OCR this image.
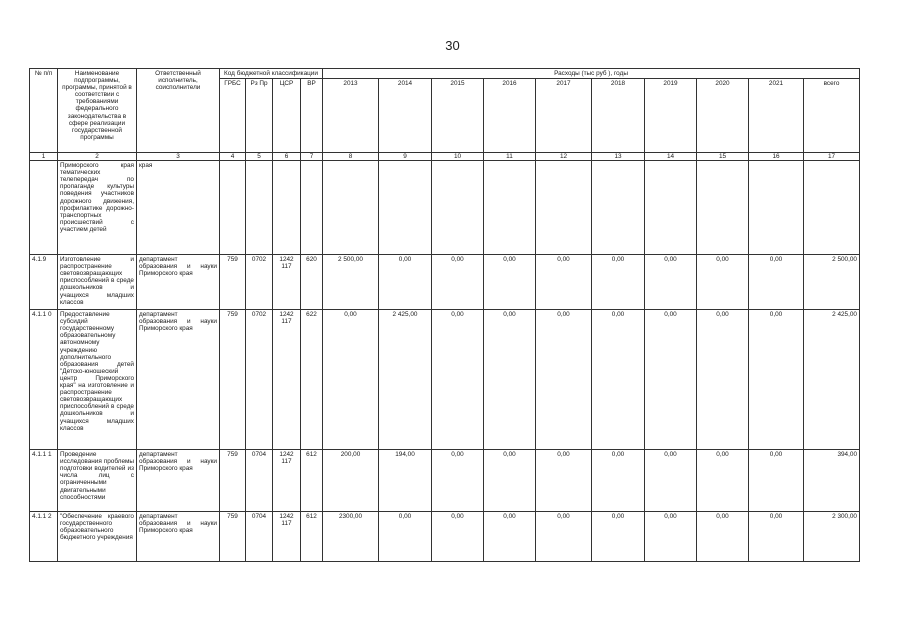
30
№ п/п	Наименование подпрограммы, программы, принятой в соответствии с требованиями федерального законодательства в сфере реализации государственной программы	Ответственный исполнитель, соисполнители	Код бюджетной классификации				Расходы (тыс руб ), годы									
			ГРБС	Рз Пр	ЦСР	ВР	2013	2014	2015	2016	2017	2018	2019	2020	2021	всего
1	2	3	4	5	6	7	8	9	10	11	12	13	14	15	16	17
	Приморского края тематических телепередач по пропаганде культуры поведения участников дорожного движения, профилактике дорожно-транспортных происшествий с участием детей	края														
4.1.9	Изготовление и распространение световозвращающих приспособлений в среде дошкольников и учащихся младших классов	департамент образования и науки Приморского края	759	0702	1242 117	620	2 500,00	0,00	0,00	0,00	0,00	0,00	0,00	0,00	0,00	2 500,00
4.1.1 0	Предоставление субсидий государственному образовательному автономному учреждению дополнительного образования детей "Детско-юношеский центр Приморского края" на изготовление и распространение световозвращающих приспособлений в среде дошкольников и учащихся младших классов	департамент образования и науки Приморского края	759	0702	1242 117	622	0,00	2 425,00	0,00	0,00	0,00	0,00	0,00	0,00	0,00	2 425,00
4.1.1 1	Проведение исследования проблемы подготовки водителей из числа лиц с ограниченными двигательными способностями	департамент образования и науки Приморского края	759	0704	1242 117	612	200,00	194,00	0,00	0,00	0,00	0,00	0,00	0,00	0,00	394,00
4.1.1 2	"Обеспечение краевого государственного образовательного бюджетного учреждения	департамент образования и науки Приморского края	759	0704	1242 117	612	2300,00	0,00	0,00	0,00	0,00	0,00	0,00	0,00	0,00	2 300,00
